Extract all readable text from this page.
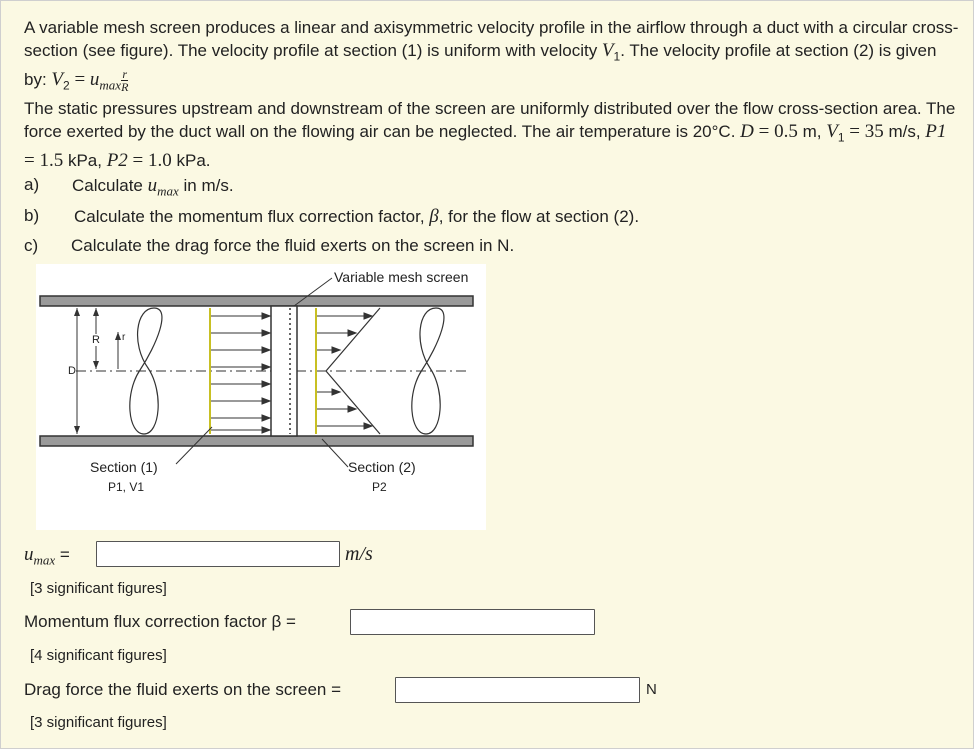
A variable mesh screen produces a linear and axisymmetric velocity profile in the airflow through a duct with a circular cross-section (see figure). The velocity profile at section (1) is uniform with velocity $V_1$. The velocity profile at section (2) is given by: $V_2 = u_{max} \frac{r}{R}$

The static pressures upstream and downstream of the screen are uniformly distributed over the flow cross-section area. The force exerted by the duct wall on the flowing air can be neglected. The air temperature is 20°C. D = 0.5 m, $V_1 = 35$ m/s, P1 = 1.5 kPa, P2 = 1.0 kPa.

a) Calculate $u_{max}$ in m/s.
b) Calculate the momentum flux correction factor, β, for the flow at section (2).
c) Calculate the drag force the fluid exerts on the screen in N.
Variable mesh screen
r
R
D
Section (1)
P1, V1
Section (2)
P2
$u_{max}$ =	m/s
[3 significant figures]
Momentum flux correction factor β =
[4 significant figures]
Drag force the fluid exerts on the screen =	N
[3 significant figures]
